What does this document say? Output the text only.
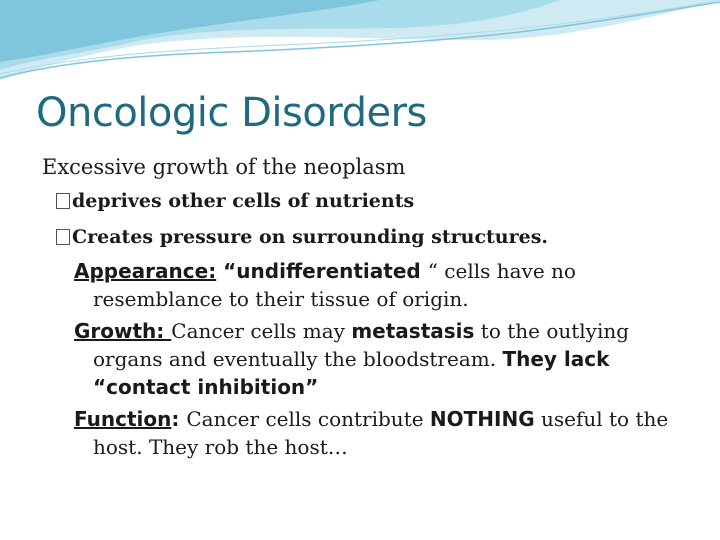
Oncologic Disorders

Excessive growth of the neoplasm

deprives other cells of nutrients

Creates pressure on surrounding structures.

Appearance: “undifferentiated “ cells have no resemblance to their tissue of origin.

Growth: Cancer cells may metastasis to the outlying organs and eventually the bloodstream. They lack “contact inhibition”

Function: Cancer cells contribute NOTHING useful to the host. They rob the host…
